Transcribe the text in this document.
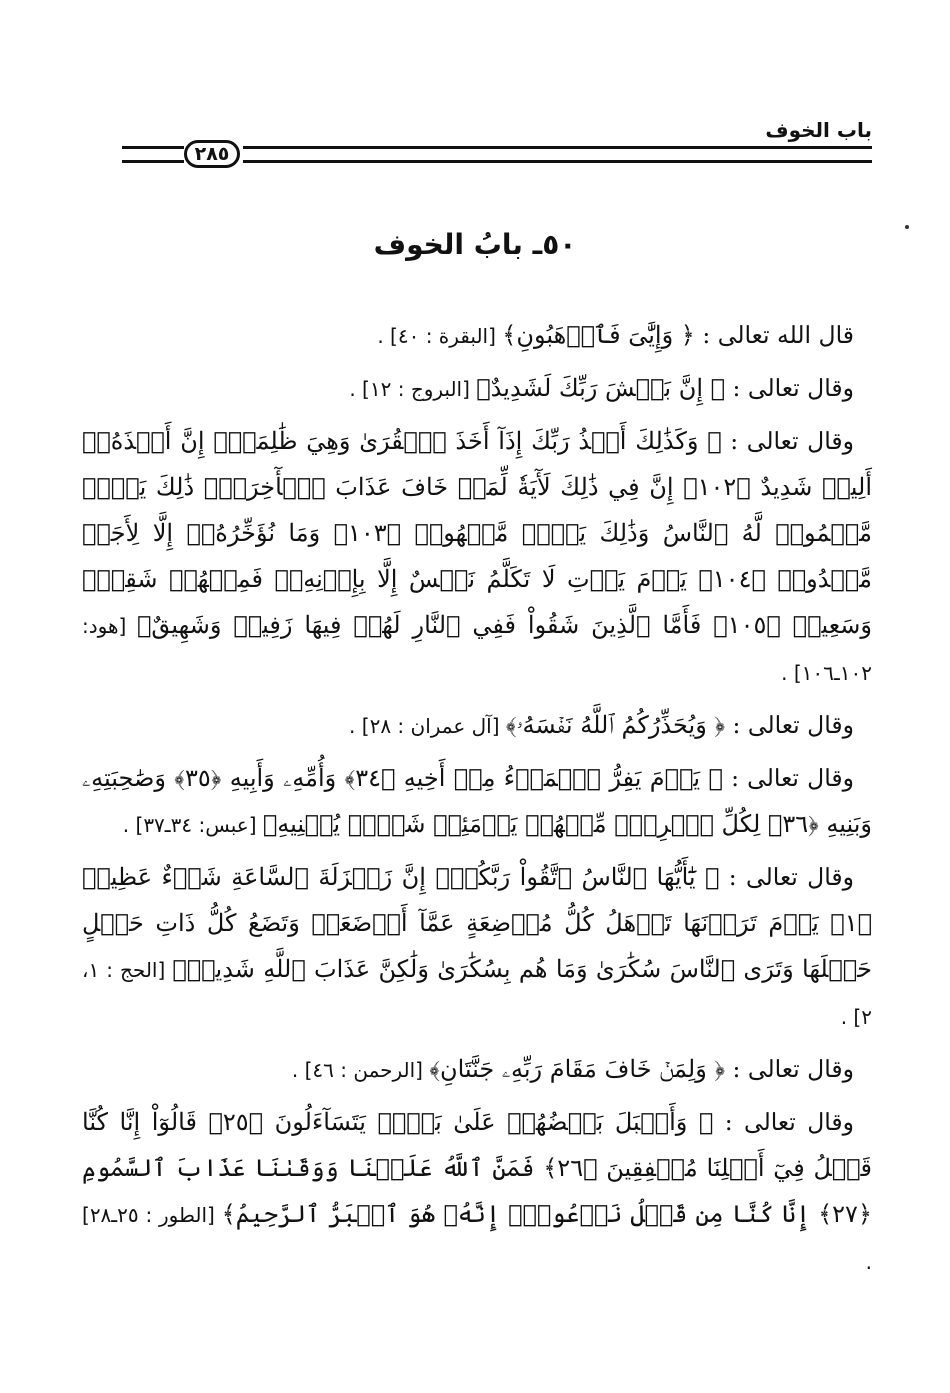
باب الخوف
٢٨٥
٥٠ـ بابُ الخوف

قال الله تعالى : ﴿ وَإِيَّٰىَ فَٱرۡهَبُونِ﴾ [البقرة : ٤٠] .

وقال تعالى : ﴿ إِنَّ بَطۡشَ رَبِّكَ لَشَدِيدٌ﴾ [البروج : ١٢] .

وقال تعالى : ﴿ وَكَذَٰلِكَ أَخۡذُ رَبِّكَ إِذَآ أَخَذَ ٱلۡقُرَىٰ وَهِيَ ظَٰلِمَةٌۚ إِنَّ أَخۡذَهُۥٓ أَلِيمٞ شَدِيدٌ ﴿١٠٢﴾ إِنَّ فِي ذَٰلِكَ لَأٓيَةٗ لِّمَنۡ خَافَ عَذَابَ ٱلۡأٓخِرَةِۚ ذَٰلِكَ يَوۡمٞ مَّجۡمُوعٞ لَّهُ ٱلنَّاسُ وَذَٰلِكَ يَوۡمٞ مَّشۡهُودٞ ﴿١٠٣﴾ وَمَا نُؤَخِّرُهُۥٓ إِلَّا لِأَجَلٖ مَّعۡدُودٖ ﴿١٠٤﴾ يَوۡمَ يَأۡتِ لَا تَكَلَّمُ نَفۡسٌ إِلَّا بِإِذۡنِهِۦۚ فَمِنۡهُمۡ شَقِيّٞ وَسَعِيدٞ ﴿١٠٥﴾ فَأَمَّا ٱلَّذِينَ شَقُواْ فَفِي ٱلنَّارِ لَهُمۡ فِيهَا زَفِيرٞ وَشَهِيقٌ﴾ [هود: ١٠٢ـ١٠٦] .

وقال تعالى : ﴿ وَيُحَذِّرُكُمُ ٱللَّهُ نَفۡسَهُۥ﴾ [آل عمران : ٢٨] .

وقال تعالى : ﴿ يَوۡمَ يَفِرُّ ٱلۡمَرۡءُ مِنۡ أَخِيهِ ﴿٣٤﴾ وَأُمِّهِۦ وَأَبِيهِ ﴿٣٥﴾ وَصَٰحِبَتِهِۦ وَبَنِيهِ ﴿٣٦﴾ لِكُلِّ ٱمۡرِيٕٖ مِّنۡهُمۡ يَوۡمَئِذٖ شَأۡنٞ يُغۡنِيهِ﴾ [عبس: ٣٤ـ٣٧] .

وقال تعالى : ﴿ يَٰٓأَيُّهَا ٱلنَّاسُ ٱتَّقُواْ رَبَّكُمۡۚ إِنَّ زَلۡزَلَةَ ٱلسَّاعَةِ شَيۡءٌ عَظِيمٞ ﴿١﴾ يَوۡمَ تَرَوۡنَهَا تَذۡهَلُ كُلُّ مُرۡضِعَةٍ عَمَّآ أَرۡضَعَتۡ وَتَضَعُ كُلُّ ذَاتِ حَمۡلٍ حَمۡلَهَا وَتَرَى ٱلنَّاسَ سُكَٰرَىٰ وَمَا هُم بِسُكَٰرَىٰ وَلَٰكِنَّ عَذَابَ ٱللَّهِ شَدِيدٞ﴾ [الحج : ١، ٢] .

وقال تعالى : ﴿ وَلِمَنۡ خَافَ مَقَامَ رَبِّهِۦ جَنَّتَانِ﴾ [الرحمن : ٤٦] .

وقال تعالى : ﴿ وَأَقۡبَلَ بَعۡضُهُمۡ عَلَىٰ بَعۡضٖ يَتَسَآءَلُونَ ﴿٢٥﴾ قَالُوٓاْ إِنَّا كُنَّا قَبۡلُ فِيٓ أَهۡلِنَا مُشۡفِقِينَ ﴿٢٦﴾ فَمَنَّ ٱللَّهُ عَلَيۡنَا وَوَقَىٰنَا عَذَابَ ٱلسَّمُومِ ﴿٢٧﴾ إِنَّا كُنَّا مِن قَبۡلُ نَدۡعُوهُۖ إِنَّهُۥ هُوَ ٱلۡبَرُّ ٱلرَّحِيمُ﴾ [الطور : ٢٥ـ٢٨] .
